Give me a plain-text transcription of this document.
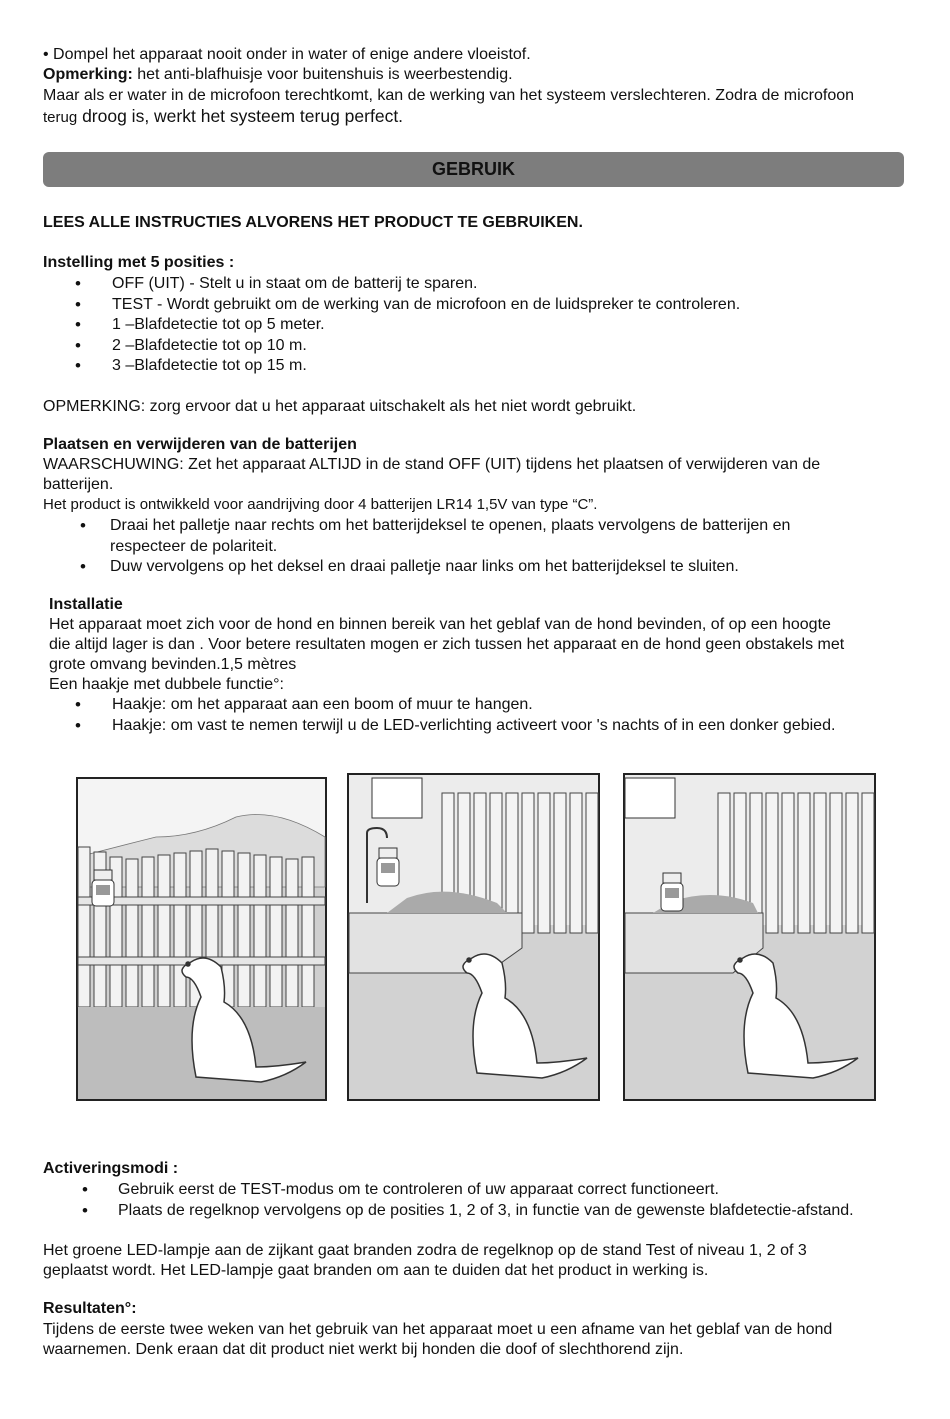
• Dompel het apparaat nooit onder in water of enige andere vloeistof.
Opmerking: het anti-blafhuisje voor buitenshuis is weerbestendig.
Maar als er water in de microfoon terechtkomt, kan de werking van het systeem verslechteren. Zodra de microfoon
terug droog is, werkt het systeem terug perfect.
GEBRUIK
LEES ALLE INSTRUCTIES ALVORENS HET PRODUCT TE GEBRUIKEN.
Instelling met 5 posities :
• OFF (UIT) - Stelt u in staat om de batterij te sparen.
• TEST - Wordt gebruikt om de werking van de microfoon en de luidspreker te controleren.
• 1 –Blafdetectie tot op 5 meter.
• 2 –Blafdetectie tot op 10 m.
• 3 –Blafdetectie tot op 15 m.
OPMERKING: zorg ervoor dat u het apparaat uitschakelt als het niet wordt gebruikt.
Plaatsen en verwijderen van de batterijen
WAARSCHUWING: Zet het apparaat ALTIJD in de stand OFF (UIT) tijdens het plaatsen of verwijderen van de
batterijen.
Het product is ontwikkeld voor aandrijving door 4 batterijen LR14 1,5V van type “C”.
• Draai het palletje naar rechts om het batterijdeksel te openen, plaats vervolgens de batterijen en
respecteer de polariteit.
• Duw vervolgens op het deksel en draai palletje naar links om het batterijdeksel te sluiten.
Installatie
Het apparaat moet zich voor de hond en binnen bereik van het geblaf van de hond bevinden, of op een hoogte
die altijd lager is dan . Voor betere resultaten mogen er zich tussen het apparaat en de hond geen obstakels met
grote omvang bevinden.1,5 mètres
Een haakje met dubbele functie°:
• Haakje: om het apparaat aan een boom of muur te hangen.
• Haakje: om vast te nemen terwijl u de LED-verlichting activeert voor 's nachts of in een donker gebied.
Activeringsmodi :
• Gebruik eerst de TEST-modus om te controleren of uw apparaat correct functioneert.
• Plaats de regelknop vervolgens op de posities 1, 2 of 3, in functie van de gewenste blafdetectie-afstand.
Het groene LED-lampje aan de zijkant gaat branden zodra de regelknop op de stand Test of niveau 1, 2 of 3
geplaatst wordt. Het LED-lampje gaat branden om aan te duiden dat het product in werking is.
Resultaten°:
Tijdens de eerste twee weken van het gebruik van het apparaat moet u een afname van het geblaf van de hond
waarnemen. Denk eraan dat dit product niet werkt bij honden die doof of slechthorend zijn.
